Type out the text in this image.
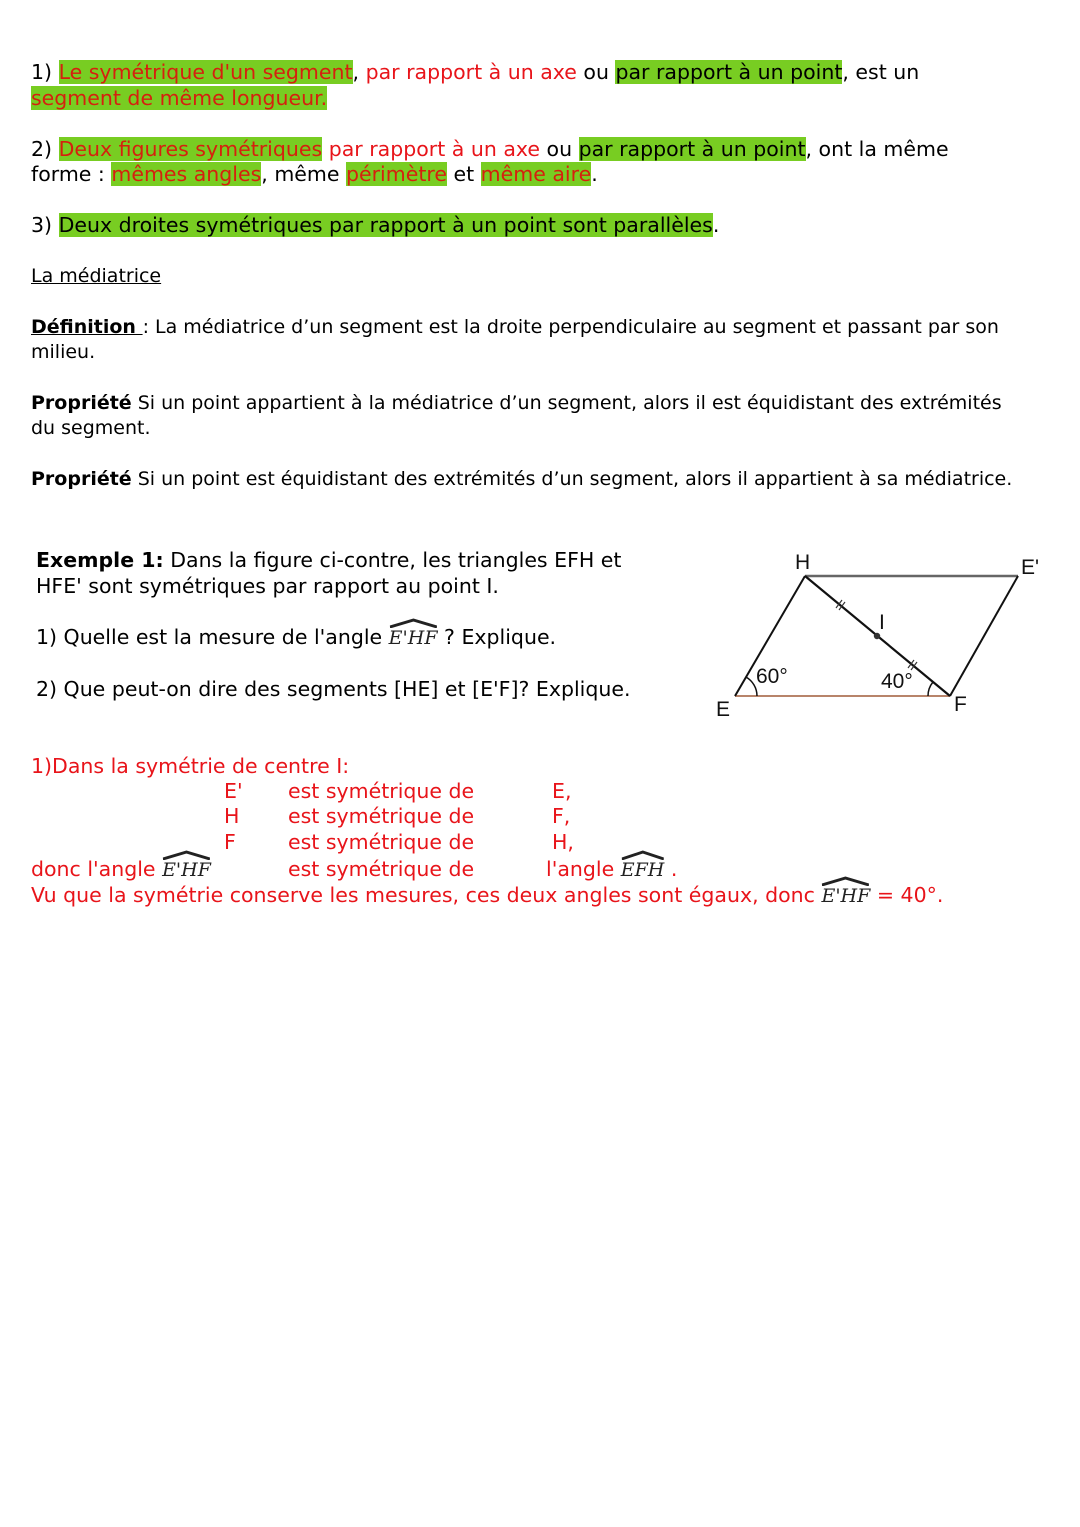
1) Le symétrique d'un segment, par rapport à un axe ou par rapport à un point, est un
segment de même longueur.
2) Deux figures symétriques par rapport à un axe ou par rapport à un point, ont la même
forme : mêmes angles, même périmètre et même aire.
3) Deux droites symétriques par rapport à un point sont parallèles.
La médiatrice
Définition : La médiatrice d’un segment est la droite perpendiculaire au segment et passant par son
milieu.
Propriété Si un point appartient à la médiatrice d’un segment, alors il est équidistant des extrémités
du segment.
Propriété Si un point est équidistant des extrémités d’un segment, alors il appartient à sa médiatrice.
Exemple 1: Dans la figure ci-contre, les triangles EFH et
HFE' sont symétriques par rapport au point I.
1) Quelle est la mesure de l'angle
E'HF ? Explique.
2) Que peut-on dire des segments [HE] et [E'F]? Explique.
H	E'
E	F
I
60°	40°
1)Dans la symétrie de centre I:
E' est symétrique de	E,
H est symétrique de	F,
F	est symétrique de	H,
donc l'angle
E'HF	est symétrique de	l'angle
EFH .
Vu que la symétrie conserve les mesures, ces deux angles sont égaux, donc
E'HF = 40°.
